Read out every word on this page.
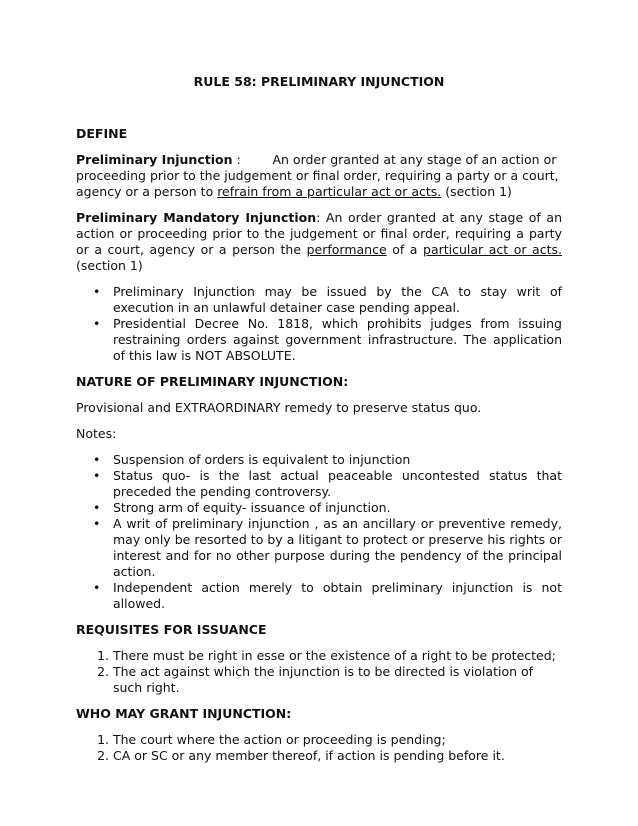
RULE 58: PRELIMINARY INJUNCTION
DEFINE

Preliminary Injunction :        An order granted at any stage of an action or proceeding prior to the judgement or final order, requiring a party or a court, agency or a person to refrain from a particular act or acts. (section 1)

Preliminary Mandatory Injunction: An order granted at any stage of an action or proceeding prior to the judgement or final order, requiring a party or a court, agency or a person the performance of a particular act or acts. (section 1)

• Preliminary Injunction may be issued by the CA to stay writ of execution in an unlawful detainer case pending appeal.
• Presidential Decree No. 1818, which prohibits judges from issuing restraining orders against government infrastructure. The application of this law is NOT ABSOLUTE.
NATURE OF PRELIMINARY INJUNCTION:

Provisional and EXTRAORDINARY remedy to preserve status quo.

Notes:

• Suspension of orders is equivalent to injunction
• Status quo- is the last actual peaceable uncontested status that preceded the pending controversy.
• Strong arm of equity- issuance of injunction.
• A writ of preliminary injunction , as an ancillary or preventive remedy, may only be resorted to by a litigant to protect or preserve his rights or interest and for no other purpose during the pendency of the principal action.
• Independent action merely to obtain preliminary injunction is not allowed.
REQUISITES FOR ISSUANCE
1. There must be right in esse or the existence of a right to be protected;
2. The act against which the injunction is to be directed is violation of such right.
WHO MAY GRANT INJUNCTION:
1. The court where the action or proceeding is pending;
2. CA or SC or any member thereof, if action is pending before it.
